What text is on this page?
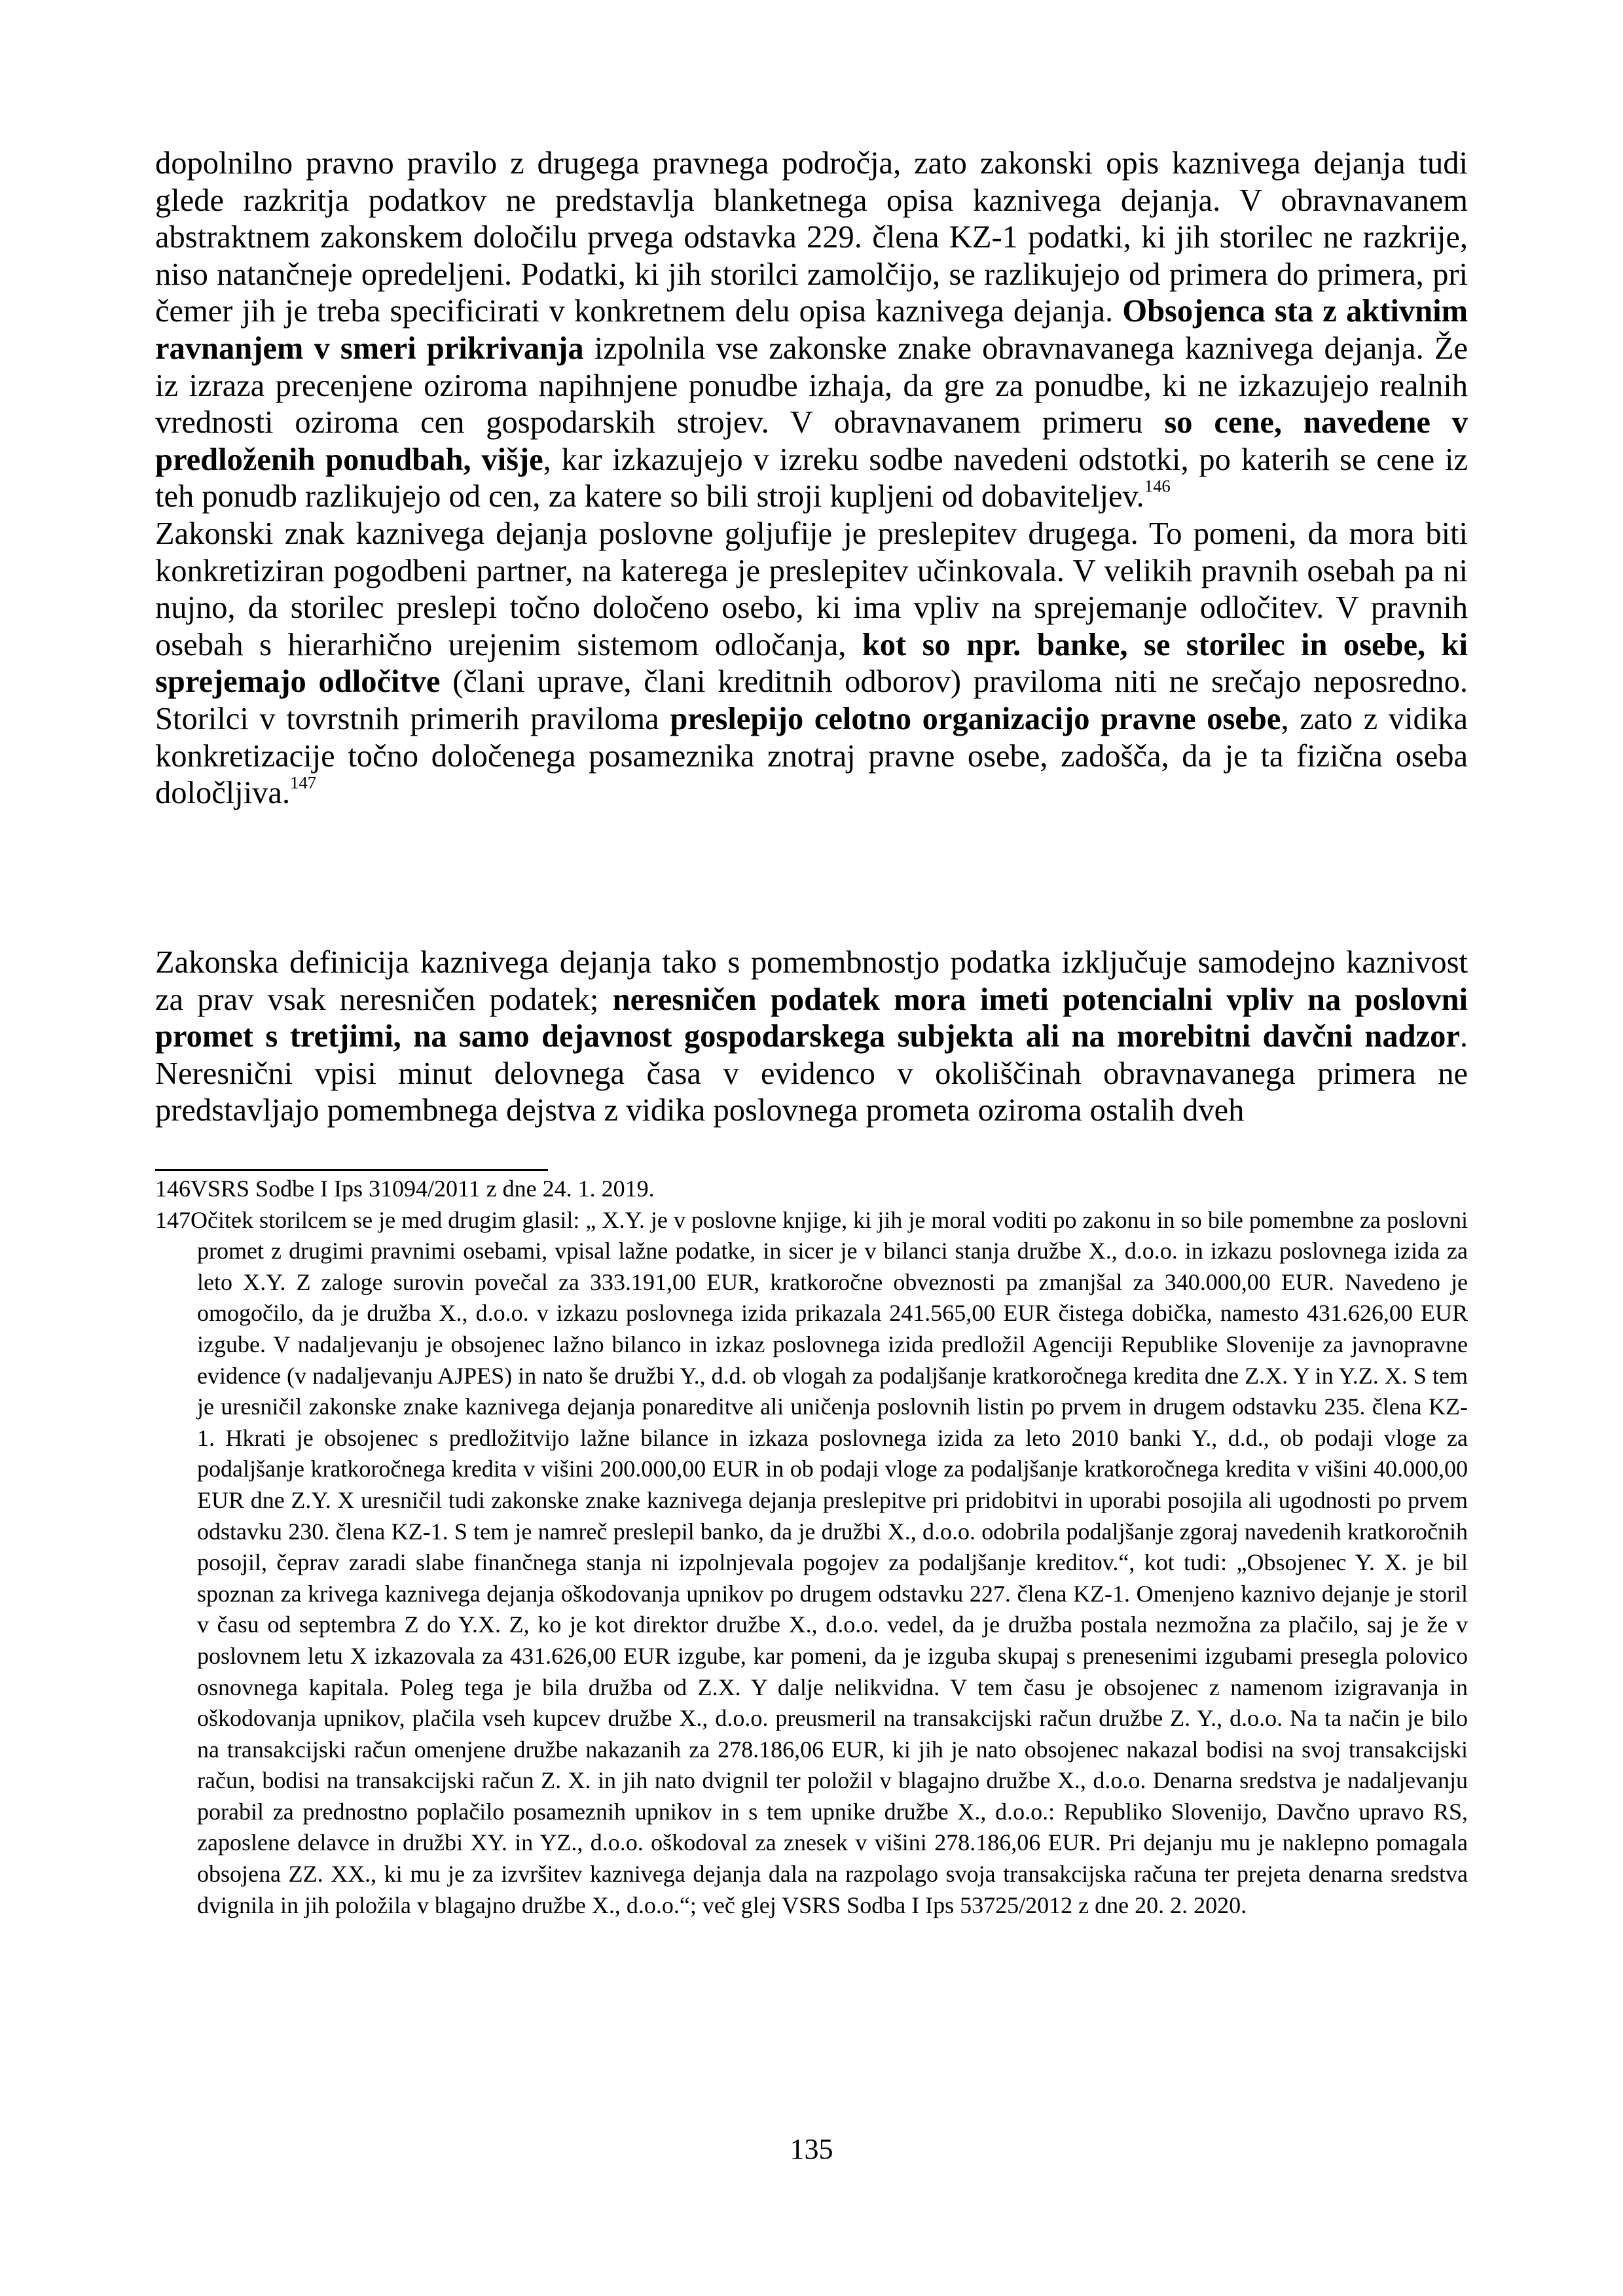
dopolnilno pravno pravilo z drugega pravnega področja, zato zakonski opis kaznivega dejanja tudi glede razkritja podatkov ne predstavlja blanketnega opisa kaznivega dejanja. V obravnavanem abstraktnem zakonskem določilu prvega odstavka 229. člena KZ-1 podatki, ki jih storilec ne razkrije, niso natančneje opredeljeni. Podatki, ki jih storilci zamolčijo, se razlikujejo od primera do primera, pri čemer jih je treba specificirati v konkretnem delu opisa kaznivega dejanja. Obsojenca sta z aktivnim ravnanjem v smeri prikrivanja izpolnila vse zakonske znake obravnavanega kaznivega dejanja. Že iz izraza precenjene oziroma napihnjene ponudbe izhaja, da gre za ponudbe, ki ne izkazujejo realnih vrednosti oziroma cen gospodarskih strojev. V obravnavanem primeru so cene, navedene v predloženih ponudbah, višje, kar izkazujejo v izreku sodbe navedeni odstotki, po katerih se cene iz teh ponudb razlikujejo od cen, za katere so bili stroji kupljeni od dobaviteljev.$^{146}$

Zakonski znak kaznivega dejanja poslovne goljufije je preslepitev drugega. To pomeni, da mora biti konkretiziran pogodbeni partner, na katerega je preslepitev učinkovala. V velikih pravnih osebah pa ni nujno, da storilec preslepi točno določeno osebo, ki ima vpliv na sprejemanje odločitev. V pravnih osebah s hierarhično urejenim sistemom odločanja, kot so npr. banke, se storilec in osebe, ki sprejemajo odločitve (člani uprave, člani kreditnih odborov) praviloma niti ne srečajo neposredno. Storilci v tovrstnih primerih praviloma preslepijo celotno organizacijo pravne osebe, zato z vidika konkretizacije točno določenega posameznika znotraj pravne osebe, zadošča, da je ta fizična oseba določljiva.$^{147}$

Zakonska definicija kaznivega dejanja tako s pomembnostjo podatka izključuje samodejno kaznivost za prav vsak neresničen podatek; neresničen podatek mora imeti potencialni vpliv na poslovni promet s tretjimi, na samo dejavnost gospodarskega subjekta ali na morebitni davčni nadzor. Neresnični vpisi minut delovnega časa v evidenco v okoliščinah obravnavanega primera ne predstavljajo pomembnega dejstva z vidika poslovnega prometa oziroma ostalih dveh

146VSRS Sodbe I Ips 31094/2011 z dne 24. 1. 2019.

147Očitek storilcem se je med drugim glasil: „ X.Y. je v poslovne knjige, ki jih je moral voditi po zakonu in so bile pomembne za poslovni promet z drugimi pravnimi osebami, vpisal lažne podatke, in sicer je v bilanci stanja družbe X., d.o.o. in izkazu poslovnega izida za leto X.Y. Z zaloge surovin povečal za 333.191,00 EUR, kratkoročne obveznosti pa zmanjšal za 340.000,00 EUR. Navedeno je omogočilo, da je družba X., d.o.o. v izkazu poslovnega izida prikazala 241.565,00 EUR čistega dobička, namesto 431.626,00 EUR izgube. V nadaljevanju je obsojenec lažno bilanco in izkaz poslovnega izida predložil Agenciji Republike Slovenije za javnopravne evidence (v nadaljevanju AJPES) in nato še družbi Y., d.d. ob vlogah za podaljšanje kratkoročnega kredita dne Z.X. Y in Y.Z. X. S tem je uresničil zakonske znake kaznivega dejanja ponareditve ali uničenja poslovnih listin po prvem in drugem odstavku 235. člena KZ-1. Hkrati je obsojenec s predložitvijo lažne bilance in izkaza poslovnega izida za leto 2010 banki Y., d.d., ob podaji vloge za podaljšanje kratkoročnega kredita v višini 200.000,00 EUR in ob podaji vloge za podaljšanje kratkoročnega kredita v višini 40.000,00 EUR dne Z.Y. X uresničil tudi zakonske znake kaznivega dejanja preslepitve pri pridobitvi in uporabi posojila ali ugodnosti po prvem odstavku 230. člena KZ-1. S tem je namreč preslepil banko, da je družbi X., d.o.o. odobrila podaljšanje zgoraj navedenih kratkoročnih posojil, čeprav zaradi slabe finančnega stanja ni izpolnjevala pogojev za podaljšanje kreditov.“, kot tudi: „Obsojenec Y. X. je bil spoznan za krivega kaznivega dejanja oškodovanja upnikov po drugem odstavku 227. člena KZ-1. Omenjeno kaznivo dejanje je storil v času od septembra Z do Y.X. Z, ko je kot direktor družbe X., d.o.o. vedel, da je družba postala nezmožna za plačilo, saj je že v poslovnem letu X izkazovala za 431.626,00 EUR izgube, kar pomeni, da je izguba skupaj s prenesenimi izgubami presegla polovico osnovnega kapitala. Poleg tega je bila družba od Z.X. Y dalje nelikvidna. V tem času je obsojenec z namenom izigravanja in oškodovanja upnikov, plačila vseh kupcev družbe X., d.o.o. preusmeril na transakcijski račun družbe Z. Y., d.o.o. Na ta način je bilo na transakcijski račun omenjene družbe nakazanih za 278.186,06 EUR, ki jih je nato obsojenec nakazal bodisi na svoj transakcijski račun, bodisi na transakcijski račun Z. X. in jih nato dvignil ter položil v blagajno družbe X., d.o.o. Denarna sredstva je nadaljevanju porabil za prednostno poplačilo posameznih upnikov in s tem upnike družbe X., d.o.o.: Republiko Slovenijo, Davčno upravo RS, zaposlene delavce in družbi XY. in YZ., d.o.o. oškodoval za znesek v višini 278.186,06 EUR. Pri dejanju mu je naklepno pomagala obsojena ZZ. XX., ki mu je za izvršitev kaznivega dejanja dala na razpolago svoja transakcijska računa ter prejeta denarna sredstva dvignila in jih položila v blagajno družbe X., d.o.o.“; več glej VSRS Sodba I Ips 53725/2012 z dne 20. 2. 2020.

135
